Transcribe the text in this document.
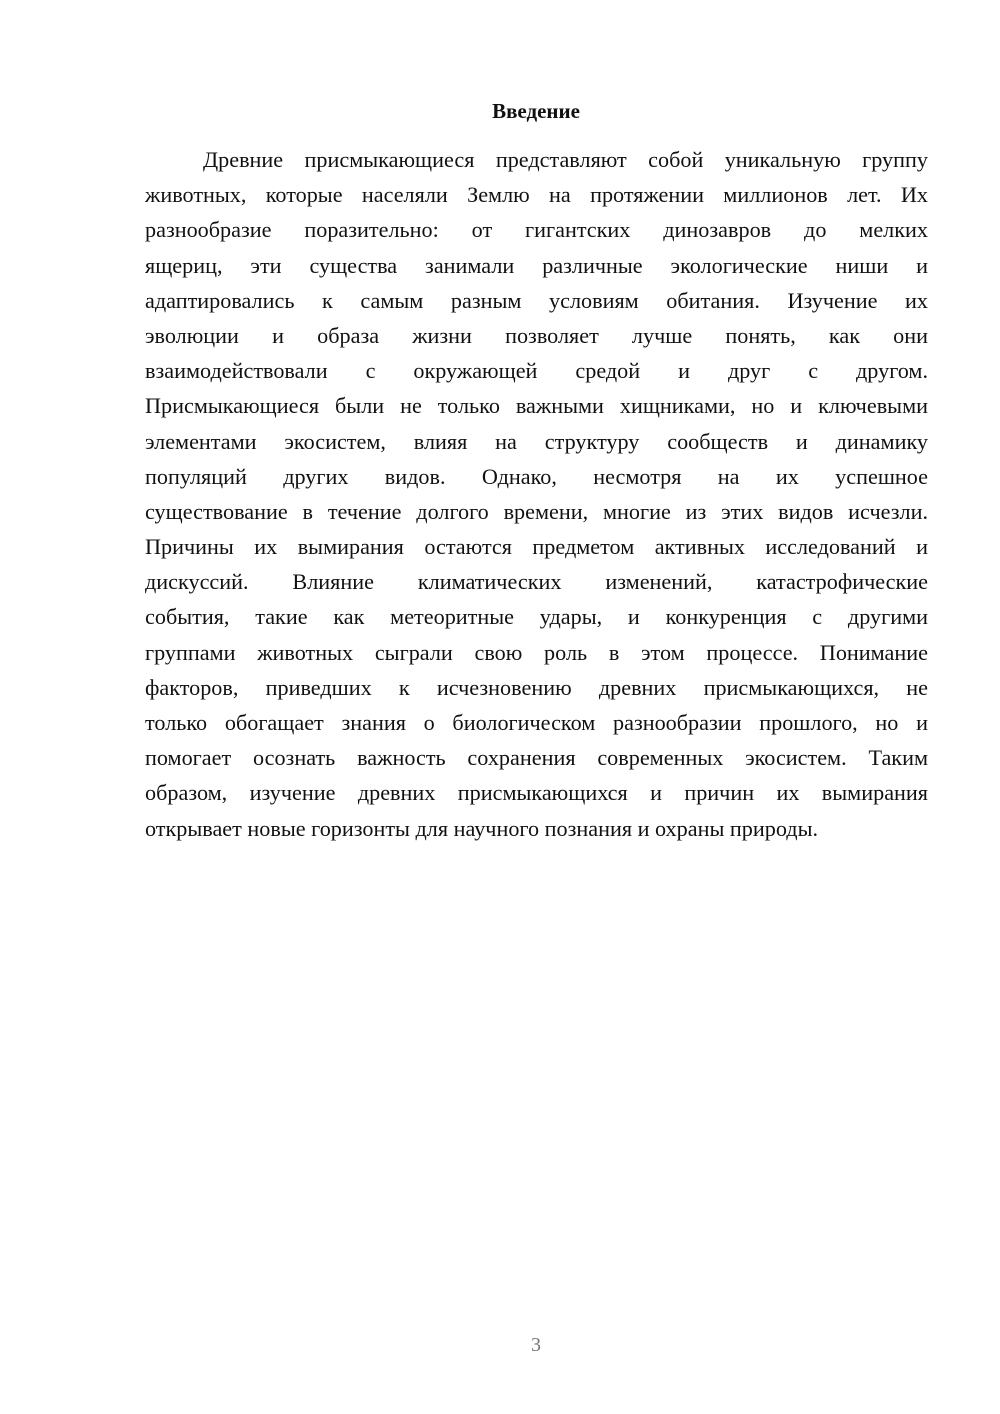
Введение
Древние присмыкающиеся представляют собой уникальную группу
животных, которые населяли Землю на протяжении миллионов лет. Их
разнообразие поразительно: от гигантских динозавров до мелких
ящериц, эти существа занимали различные экологические ниши и
адаптировались к самым разным условиям обитания. Изучение их
эволюции и образа жизни позволяет лучше понять, как они
взаимодействовали с окружающей средой и друг с другом.
Присмыкающиеся были не только важными хищниками, но и ключевыми
элементами экосистем, влияя на структуру сообществ и динамику
популяций других видов. Однако, несмотря на их успешное
существование в течение долгого времени, многие из этих видов исчезли.
Причины их вымирания остаются предметом активных исследований и
дискуссий. Влияние климатических изменений, катастрофические
события, такие как метеоритные удары, и конкуренция с другими
группами животных сыграли свою роль в этом процессе. Понимание
факторов, приведших к исчезновению древних присмыкающихся, не
только обогащает знания о биологическом разнообразии прошлого, но и
помогает осознать важность сохранения современных экосистем. Таким
образом, изучение древних присмыкающихся и причин их вымирания
открывает новые горизонты для научного познания и охраны природы.
3
